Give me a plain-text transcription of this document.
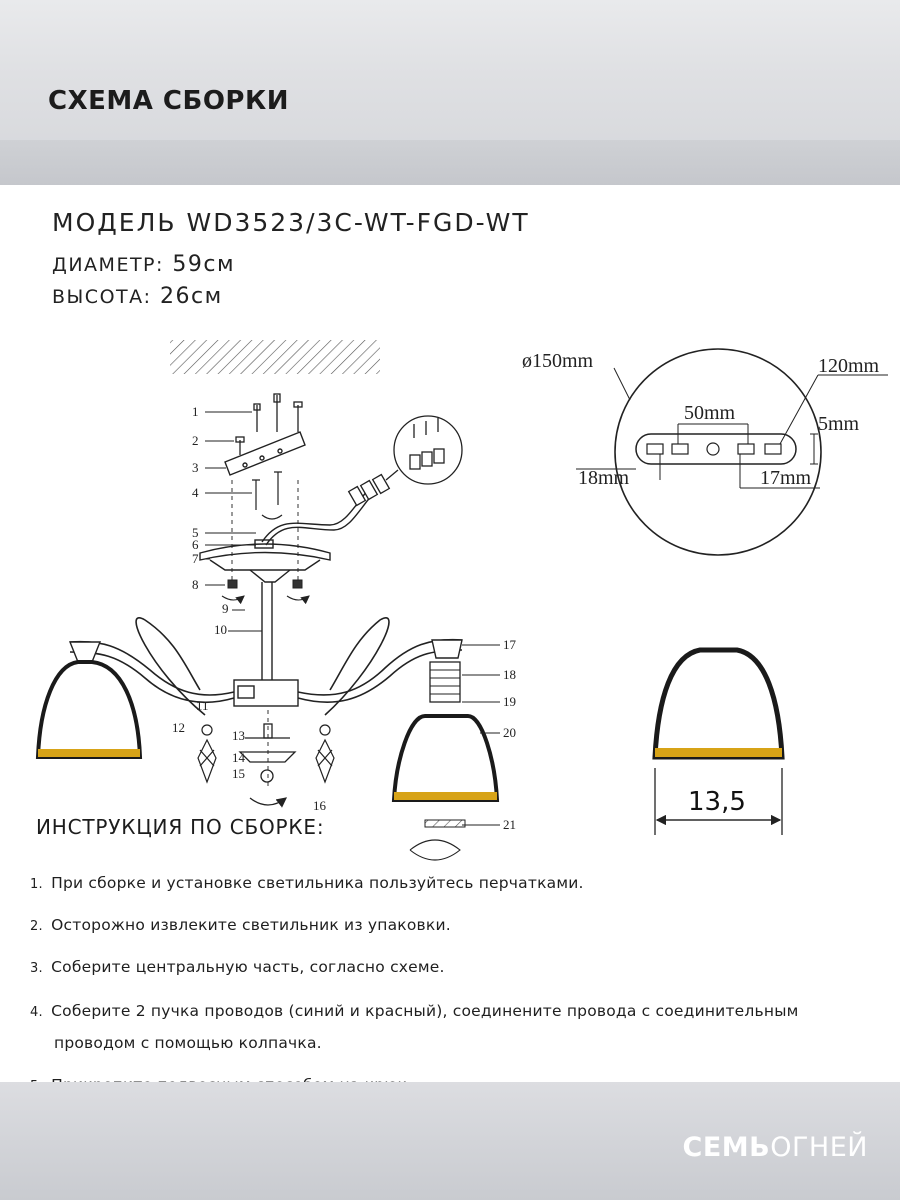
СХЕМА СБОРКИ
МОДЕЛЬ WD3523/3C-WT-FGD-WT
ДИАМЕТР: 59см
ВЫСОТА: 26см
1
2
3
4
5
6
7
8
9
10
11
12
13
14
15
16
17
18
19
20
21
ø150mm	120mm
50mm	5mm
18mm	17mm
13,5
ИНСТРУКЦИЯ ПО СБОРКЕ:
1. При сборке и установке светильника пользуйтесь перчатками.
2. Осторожно извлеките светильник из упаковки.
3. Соберите центральную часть, согласно схеме.
4. Соберите 2 пучка проводов (синий и красный), соединените провода с соединительным
проводом с помощью колпачка.
СЕМЬОГНЕЙ
